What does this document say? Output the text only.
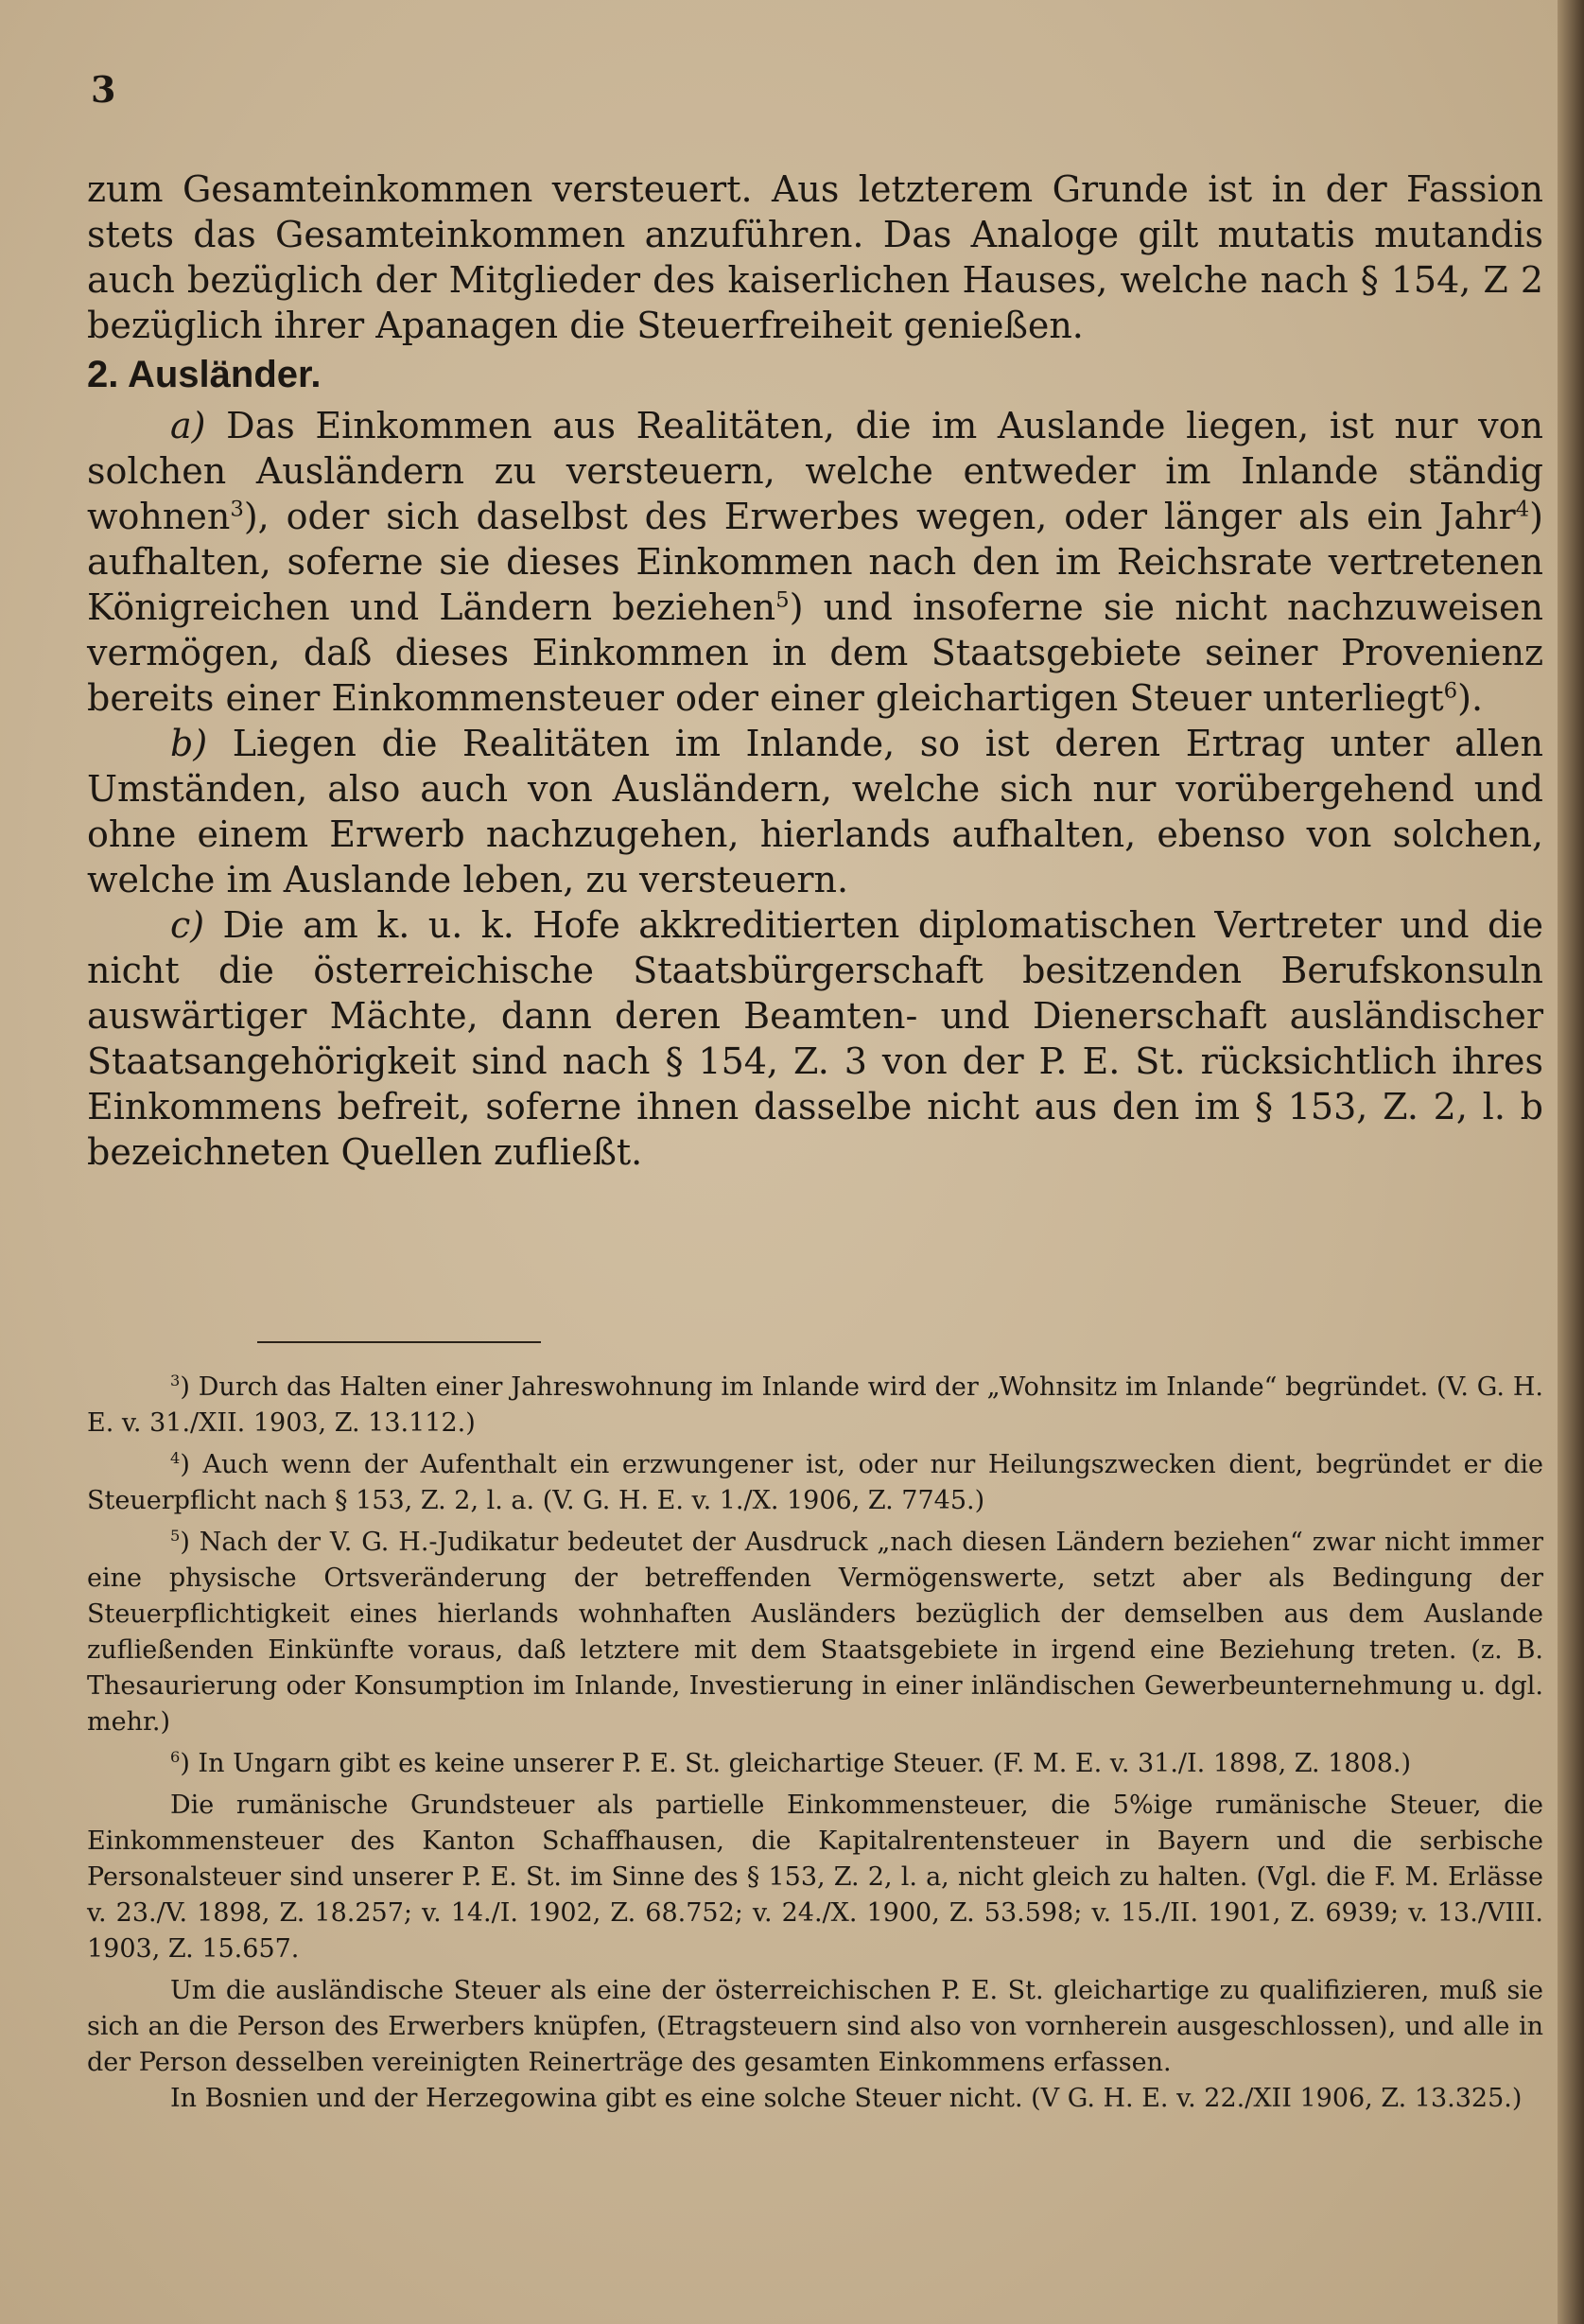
3

zum Gesamteinkommen versteuert. Aus letzterem Grunde ist in der Fassion stets das Gesamteinkommen anzuführen. Das Analoge gilt mutatis mutandis auch bezüglich der Mitglieder des kaiserlichen Hauses, welche nach § 154, Z 2 bezüglich ihrer Apanagen die Steuerfreiheit genießen.

2. Ausländer.

a) Das Einkommen aus Realitäten, die im Auslande liegen, ist nur von solchen Ausländern zu versteuern, welche entweder im Inlande ständig wohnen$^3$), oder sich daselbst des Erwerbes wegen, oder länger als ein Jahr$^4$) aufhalten, soferne sie dieses Einkommen nach den im Reichsrate vertretenen Königreichen und Ländern beziehen$^5$) und insoferne sie nicht nachzuweisen vermögen, daß dieses Einkommen in dem Staatsgebiete seiner Provenienz bereits einer Einkommensteuer oder einer gleichartigen Steuer unterliegt$^6$).

b) Liegen die Realitäten im Inlande, so ist deren Ertrag unter allen Umständen, also auch von Ausländern, welche sich nur vorübergehend und ohne einem Erwerb nachzugehen, hierlands aufhalten, ebenso von solchen, welche im Auslande leben, zu versteuern.

c) Die am k. u. k. Hofe akkreditierten diplomatischen Vertreter und die nicht die österreichische Staatsbürgerschaft besitzenden Berufskonsuln auswärtiger Mächte, dann deren Beamten- und Dienerschaft ausländischer Staatsangehörigkeit sind nach § 154, Z. 3 von der P. E. St. rücksichtlich ihres Einkommens befreit, soferne ihnen dasselbe nicht aus den im § 153, Z. 2, l. b bezeichneten Quellen zufließt.

$^3$) Durch das Halten einer Jahreswohnung im Inlande wird der „Wohnsitz im Inlande“ begründet. (V. G. H. E. v. 31./XII. 1903, Z. 13.112.)

$^4$) Auch wenn der Aufenthalt ein erzwungener ist, oder nur Heilungszwecken dient, begründet er die Steuerpflicht nach § 153, Z. 2, l. a. (V. G. H. E. v. 1./X. 1906, Z. 7745.)

$^5$) Nach der V. G. H.-Judikatur bedeutet der Ausdruck „nach diesen Ländern beziehen“ zwar nicht immer eine physische Ortsveränderung der betreffenden Vermögenswerte, setzt aber als Bedingung der Steuerpflichtigkeit eines hierlands wohnhaften Ausländers bezüglich der demselben aus dem Auslande zufließenden Einkünfte voraus, daß letztere mit dem Staatsgebiete in irgend eine Beziehung treten. (z. B. Thesaurierung oder Konsumption im Inlande, Investierung in einer inländischen Gewerbeunternehmung u. dgl. mehr.)

$^6$) In Ungarn gibt es keine unserer P. E. St. gleichartige Steuer. (F. M. E. v. 31./I. 1898, Z. 1808.)

Die rumänische Grundsteuer als partielle Einkommensteuer, die 5%ige rumänische Steuer, die Einkommensteuer des Kanton Schaffhausen, die Kapitalrentensteuer in Bayern und die serbische Personalsteuer sind unserer P. E. St. im Sinne des § 153, Z. 2, l. a, nicht gleich zu halten. (Vgl. die F. M. Erlässe v. 23./V. 1898, Z. 18.257; v. 14./I. 1902, Z. 68.752; v. 24./X. 1900, Z. 53.598; v. 15./II. 1901, Z. 6939; v. 13./VIII. 1903, Z. 15.657.

Um die ausländische Steuer als eine der österreichischen P. E. St. gleichartige zu qualifizieren, muß sie sich an die Person des Erwerbers knüpfen, (Etragsteuern sind also von vornherein ausgeschlossen), und alle in der Person desselben vereinigten Reinerträge des gesamten Einkommens erfassen.

In Bosnien und der Herzegowina gibt es eine solche Steuer nicht. (V G. H. E. v. 22./XII 1906, Z. 13.325.)
